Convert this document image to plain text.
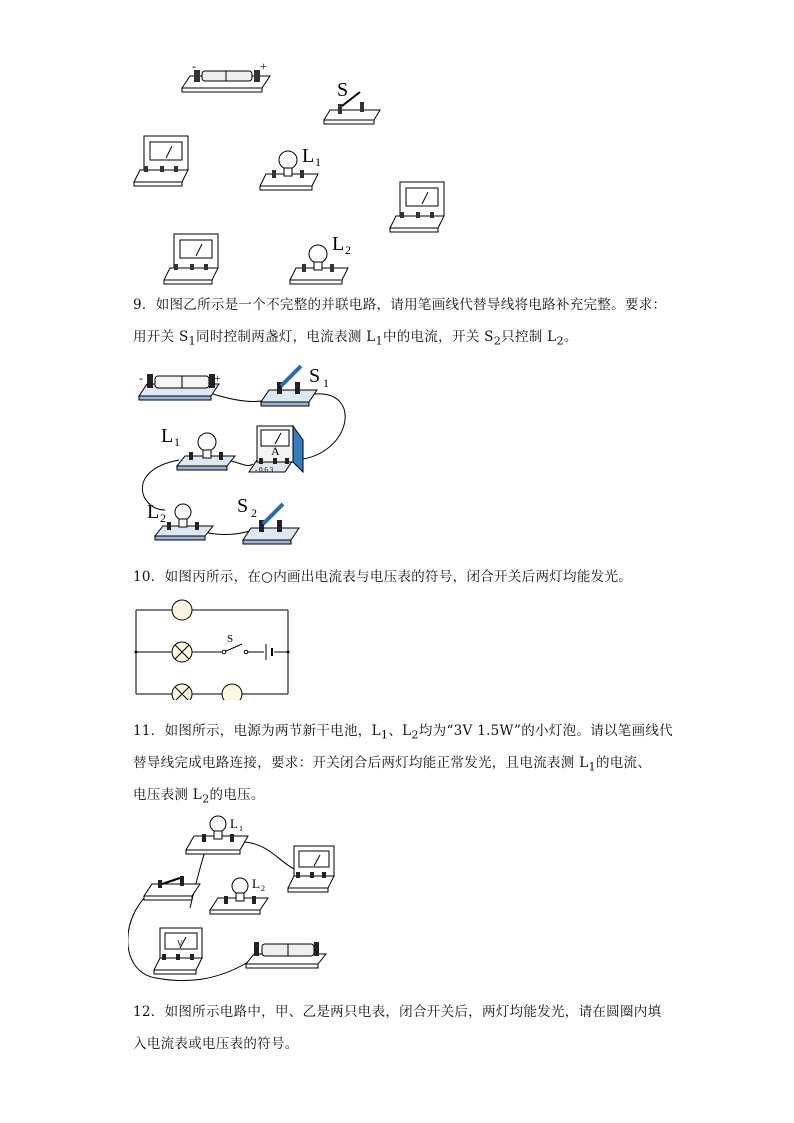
-	+
S
L 1
L 2
9．如图乙所示是一个不完整的并联电路，请用笔画线代替导线将电路补充完整。要求：
用开关 $S_1$同时控制两盏灯，电流表测 $L_1$中的电流，开关 $S_2$只控制 $L_2$。
-	+	S 1
L 1
A
- 0.6 3
L 2
S 2
10．如图丙所示，在○内画出电流表与电压表的符号，闭合开关后两灯均能发光。
S
11．如图所示，电源为两节新干电池，$L_1$、$L_2$均为“3V 1.5W”的小灯泡。请以笔画线代
替导线完成电路连接，要求：开关闭合后两灯均能正常发光，且电流表测 $L_1$的电流、
电压表测 $L_2$的电压。
L 1
L 2
V
12．如图所示电路中，甲、乙是两只电表，闭合开关后，两灯均能发光，请在圆圈内填
入电流表或电压表的符号。
